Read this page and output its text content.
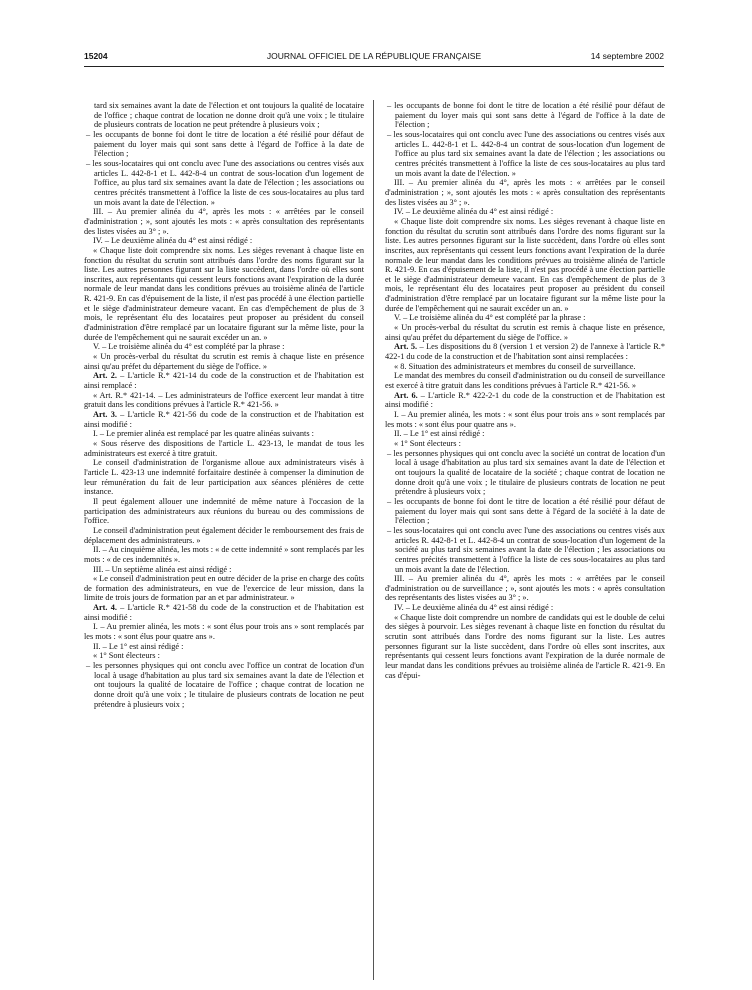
15204	JOURNAL OFFICIEL DE LA RÉPUBLIQUE FRANÇAISE	14 septembre 2002

tard six semaines avant la date de l'élection et ont toujours la qualité de locataire de l'office ; chaque contrat de location ne donne droit qu'à une voix ; le titulaire de plusieurs contrats de location ne peut prétendre à plusieurs voix ;

– les occupants de bonne foi dont le titre de location a été résilié pour défaut de paiement du loyer mais qui sont sans dette à l'égard de l'office à la date de l'élection ;

– les sous-locataires qui ont conclu avec l'une des associations ou centres visés aux articles L. 442-8-1 et L. 442-8-4 un contrat de sous-location d'un logement de l'office, au plus tard six semaines avant la date de l'élection ; les associations ou centres précités transmettent à l'office la liste de ces sous-locataires au plus tard un mois avant la date de l'élection. »

III. – Au premier alinéa du 4°, après les mots : « arrêtées par le conseil d'administration ; », sont ajoutés les mots : « après consultation des représentants des listes visées au 3° ; ».

IV. – Le deuxième alinéa du 4° est ainsi rédigé :

« Chaque liste doit comprendre six noms. Les sièges revenant à chaque liste en fonction du résultat du scrutin sont attribués dans l'ordre des noms figurant sur la liste. Les autres personnes figurant sur la liste succèdent, dans l'ordre où elles sont inscrites, aux représentants qui cessent leurs fonctions avant l'expiration de la durée normale de leur mandat dans les conditions prévues au troisième alinéa de l'article R. 421-9. En cas d'épuisement de la liste, il n'est pas procédé à une élection partielle et le siège d'administrateur demeure vacant. En cas d'empêchement de plus de 3 mois, le représentant élu des locataires peut proposer au président du conseil d'administration d'être remplacé par un locataire figurant sur la même liste, pour la durée de l'empêchement qui ne saurait excéder un an. »

V. – Le troisième alinéa du 4° est complété par la phrase :

« Un procès-verbal du résultat du scrutin est remis à chaque liste en présence ainsi qu'au préfet du département du siège de l'office. »

Art. 2. – L'article R.* 421-14 du code de la construction et de l'habitation est ainsi remplacé :

« Art. R.* 421-14. – Les administrateurs de l'office exercent leur mandat à titre gratuit dans les conditions prévues à l'article R.* 421-56. »

Art. 3. – L'article R.* 421-56 du code de la construction et de l'habitation est ainsi modifié :

I. – Le premier alinéa est remplacé par les quatre alinéas suivants :

« Sous réserve des dispositions de l'article L. 423-13, le mandat de tous les administrateurs est exercé à titre gratuit.

Le conseil d'administration de l'organisme alloue aux administrateurs visés à l'article L. 423-13 une indemnité forfaitaire destinée à compenser la diminution de leur rémunération du fait de leur participation aux séances plénières de cette instance.

Il peut également allouer une indemnité de même nature à l'occasion de la participation des administrateurs aux réunions du bureau ou des commissions de l'office.

Le conseil d'administration peut également décider le remboursement des frais de déplacement des administrateurs. »

II. – Au cinquième alinéa, les mots : « de cette indemnité » sont remplacés par les mots : « de ces indemnités ».

III. – Un septième alinéa est ainsi rédigé :

« Le conseil d'administration peut en outre décider de la prise en charge des coûts de formation des administrateurs, en vue de l'exercice de leur mission, dans la limite de trois jours de formation par an et par administrateur. »

Art. 4. – L'article R.* 421-58 du code de la construction et de l'habitation est ainsi modifié :

I. – Au premier alinéa, les mots : « sont élus pour trois ans » sont remplacés par les mots : « sont élus pour quatre ans ».

II. – Le 1° est ainsi rédigé :

« 1° Sont électeurs :

– les personnes physiques qui ont conclu avec l'office un contrat de location d'un local à usage d'habitation au plus tard six semaines avant la date de l'élection et ont toujours la qualité de locataire de l'office ; chaque contrat de location ne donne droit qu'à une voix ; le titulaire de plusieurs contrats de location ne peut prétendre à plusieurs voix ;

– les occupants de bonne foi dont le titre de location a été résilié pour défaut de paiement du loyer mais qui sont sans dette à l'égard de l'office à la date de l'élection ;

– les sous-locataires qui ont conclu avec l'une des associations ou centres visés aux articles L. 442-8-1 et L. 442-8-4 un contrat de sous-location d'un logement de l'office au plus tard six semaines avant la date de l'élection ; les associations ou centres précités transmettent à l'office la liste de ces sous-locataires au plus tard un mois avant la date de l'élection. »

III. – Au premier alinéa du 4°, après les mots : « arrêtées par le conseil d'administration ; », sont ajoutés les mots : « après consultation des représentants des listes visées au 3° ; ».

IV. – Le deuxième alinéa du 4° est ainsi rédigé :

« Chaque liste doit comprendre six noms. Les sièges revenant à chaque liste en fonction du résultat du scrutin sont attribués dans l'ordre des noms figurant sur la liste. Les autres personnes figurant sur la liste succèdent, dans l'ordre où elles sont inscrites, aux représentants qui cessent leurs fonctions avant l'expiration de la durée normale de leur mandat dans les conditions prévues au troisième alinéa de l'article R. 421-9. En cas d'épuisement de la liste, il n'est pas procédé à une élection partielle et le siège d'administrateur demeure vacant. En cas d'empêchement de plus de 3 mois, le représentant élu des locataires peut proposer au président du conseil d'administration d'être remplacé par un locataire figurant sur la même liste pour la durée de l'empêchement qui ne saurait excéder un an. »

V. – Le troisième alinéa du 4° est complété par la phrase :

« Un procès-verbal du résultat du scrutin est remis à chaque liste en présence, ainsi qu'au préfet du département du siège de l'office. »

Art. 5. – Les dispositions du 8 (version 1 et version 2) de l'annexe à l'article R.* 422-1 du code de la construction et de l'habitation sont ainsi remplacées :

« 8. Situation des administrateurs et membres du conseil de surveillance.

Le mandat des membres du conseil d'administration ou du conseil de surveillance est exercé à titre gratuit dans les conditions prévues à l'article R.* 421-56. »

Art. 6. – L'article R.* 422-2-1 du code de la construction et de l'habitation est ainsi modifié :

I. – Au premier alinéa, les mots : « sont élus pour trois ans » sont remplacés par les mots : « sont élus pour quatre ans ».

II. – Le 1° est ainsi rédigé :

« 1° Sont électeurs :

– les personnes physiques qui ont conclu avec la société un contrat de location d'un local à usage d'habitation au plus tard six semaines avant la date de l'élection et ont toujours la qualité de locataire de la société ; chaque contrat de location ne donne droit qu'à une voix ; le titulaire de plusieurs contrats de location ne peut prétendre à plusieurs voix ;

– les occupants de bonne foi dont le titre de location a été résilié pour défaut de paiement du loyer mais qui sont sans dette à l'égard de la société à la date de l'élection ;

– les sous-locataires qui ont conclu avec l'une des associations ou centres visés aux articles R. 442-8-1 et L. 442-8-4 un contrat de sous-location d'un logement de la société au plus tard six semaines avant la date de l'élection ; les associations ou centres précités transmettent à l'office la liste de ces sous-locataires au plus tard un mois avant la date de l'élection.

III. – Au premier alinéa du 4°, après les mots : « arrêtées par le conseil d'administration ou de surveillance ; », sont ajoutés les mots : « après consultation des représentants des listes visées au 3° ; ».

IV. – Le deuxième alinéa du 4° est ainsi rédigé :

« Chaque liste doit comprendre un nombre de candidats qui est le double de celui des sièges à pourvoir. Les sièges revenant à chaque liste en fonction du résultat du scrutin sont attribués dans l'ordre des noms figurant sur la liste. Les autres personnes figurant sur la liste succèdent, dans l'ordre où elles sont inscrites, aux représentants qui cessent leurs fonctions avant l'expiration de la durée normale de leur mandat dans les conditions prévues au troisième alinéa de l'article R. 421-9. En cas d'épui-
